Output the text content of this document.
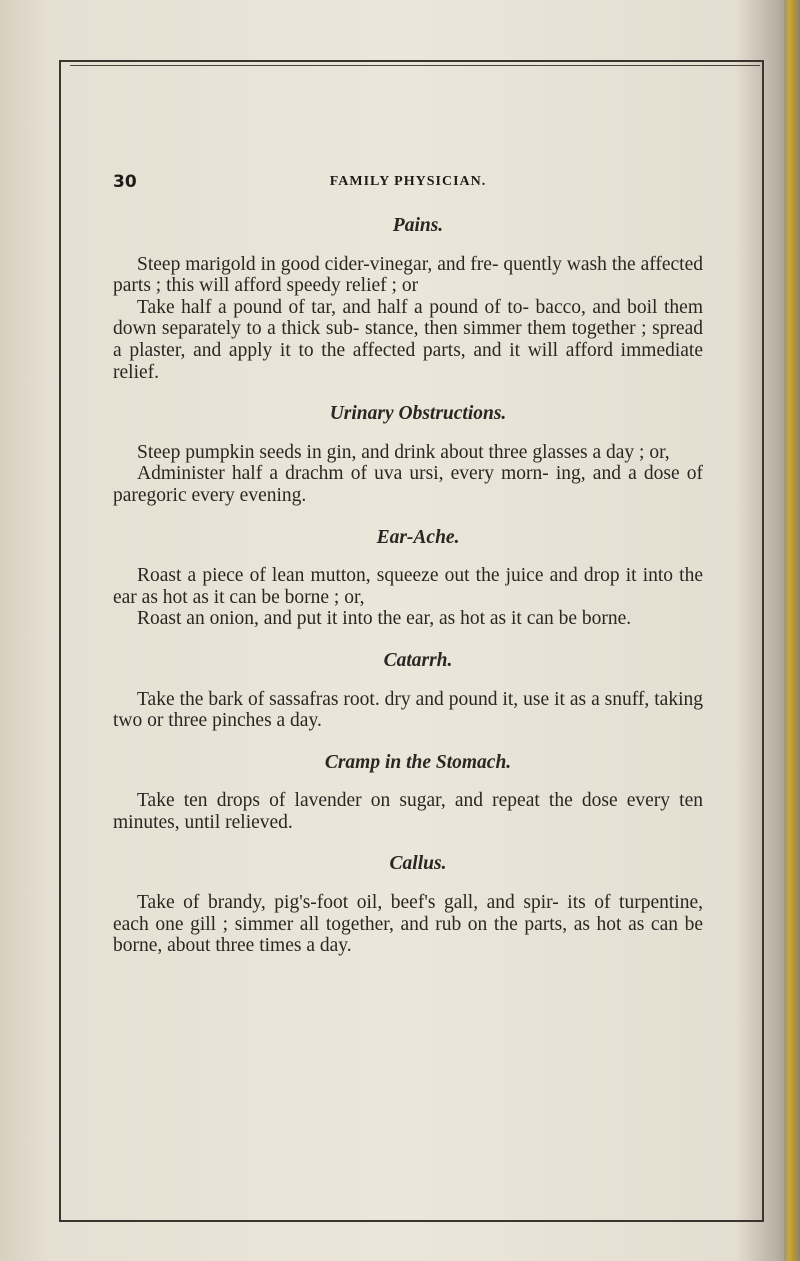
30	FAMILY PHYSICIAN.

Pains.

Steep marigold in good cider-vinegar, and fre- quently wash the affected parts ; this will afford speedy relief ; or

Take half a pound of tar, and half a pound of to- bacco, and boil them down separately to a thick sub- stance, then simmer them together ; spread a plaster, and apply it to the affected parts, and it will afford immediate relief.

Urinary Obstructions.

Steep pumpkin seeds in gin, and drink about three glasses a day ; or,

Administer half a drachm of uva ursi, every morn- ing, and a dose of paregoric every evening.

Ear-Ache.

Roast a piece of lean mutton, squeeze out the juice and drop it into the ear as hot as it can be borne ; or,

Roast an onion, and put it into the ear, as hot as it can be borne.

Catarrh.

Take the bark of sassafras root. dry and pound it, use it as a snuff, taking two or three pinches a day.

Cramp in the Stomach.

Take ten drops of lavender on sugar, and repeat the dose every ten minutes, until relieved.

Callus.

Take of brandy, pig's-foot oil, beef's gall, and spir- its of turpentine, each one gill ; simmer all together, and rub on the parts, as hot as can be borne, about three times a day.
